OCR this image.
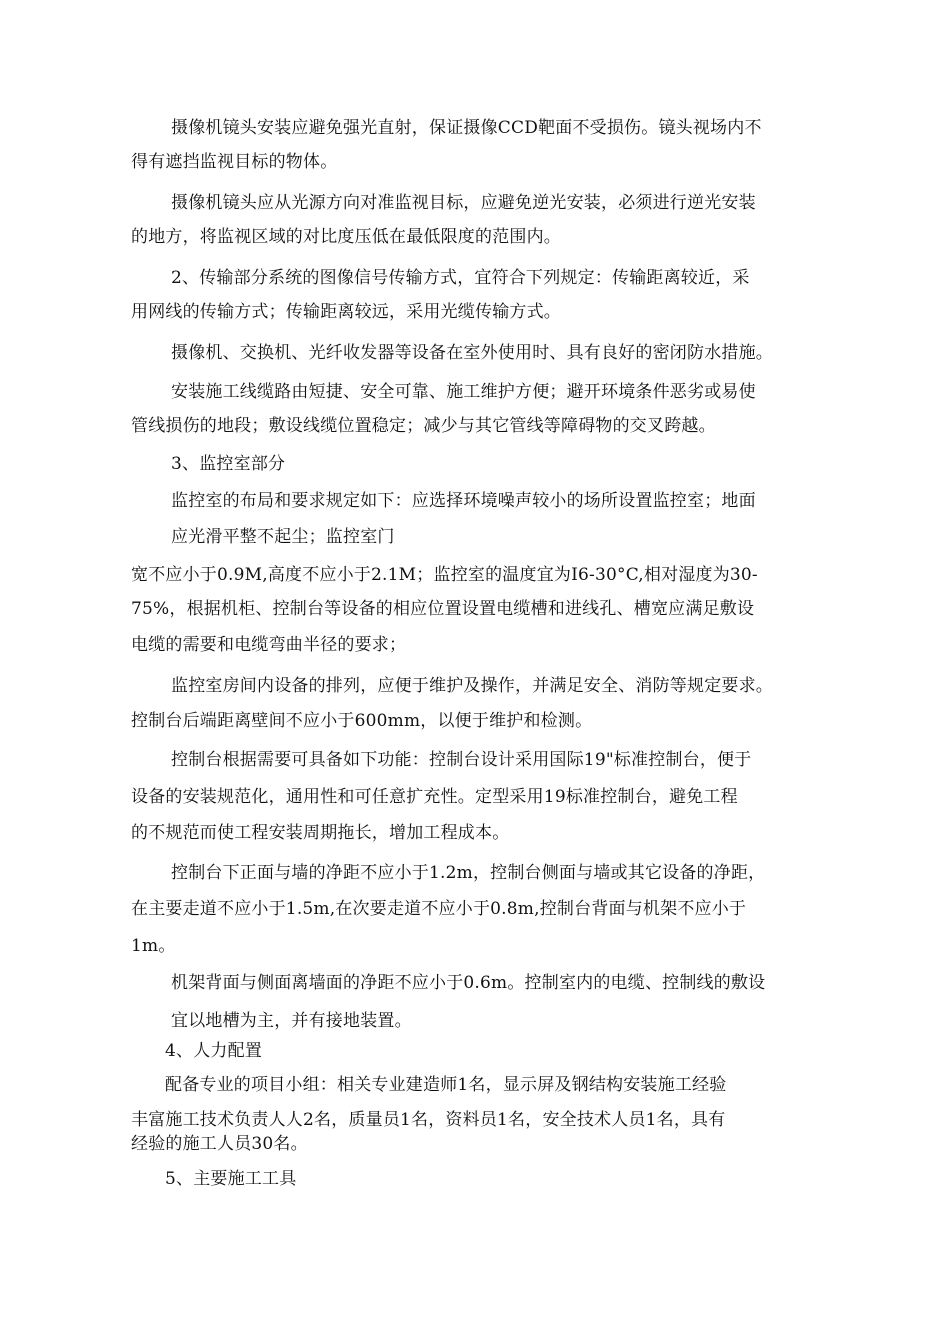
摄像机镜头安装应避免强光直射，保证摄像CCD靶面不受损伤。镜头视场内不
得有遮挡监视目标的物体。
摄像机镜头应从光源方向对准监视目标，应避免逆光安装，必须进行逆光安装
的地方，将监视区域的对比度压低在最低限度的范围内。
2、传输部分系统的图像信号传输方式，宜符合下列规定：传输距离较近，采
用网线的传输方式；传输距离较远，采用光缆传输方式。
摄像机、交换机、光纤收发器等设备在室外使用时、具有良好的密闭防水措施。
安装施工线缆路由短捷、安全可靠、施工维护方便；避开环境条件恶劣或易使
管线损伤的地段；敷设线缆位置稳定；减少与其它管线等障碍物的交叉跨越。
3、监控室部分
监控室的布局和要求规定如下：应选择环境噪声较小的场所设置监控室；地面
应光滑平整不起尘；监控室门
宽不应小于0.9M,高度不应小于2.1M；监控室的温度宜为I6-30°C,相对湿度为30-
75%，根据机柜、控制台等设备的相应位置设置电缆槽和进线孔、槽宽应满足敷设
电缆的需要和电缆弯曲半径的要求；
监控室房间内设备的排列，应便于维护及操作，并满足安全、消防等规定要求。
控制台后端距离壁间不应小于600mm，以便于维护和检测。
控制台根据需要可具备如下功能：控制台设计采用国际19"标准控制台，便于
设备的安装规范化，通用性和可任意扩充性。定型采用19标准控制台，避免工程
的不规范而使工程安装周期拖长，增加工程成本。
控制台下正面与墙的净距不应小于1.2m，控制台侧面与墙或其它设备的净距，
在主要走道不应小于1.5m,在次要走道不应小于0.8m,控制台背面与机架不应小于
1m。
机架背面与侧面离墙面的净距不应小于0.6m。控制室内的电缆、控制线的敷设
宜以地槽为主，并有接地装置。
4、人力配置
配备专业的项目小组：相关专业建造师1名，显示屏及钢结构安装施工经验
丰富施工技术负责人人2名，质量员1名，资料员1名，安全技术人员1名，具有
经验的施工人员30名。
5、主要施工工具
